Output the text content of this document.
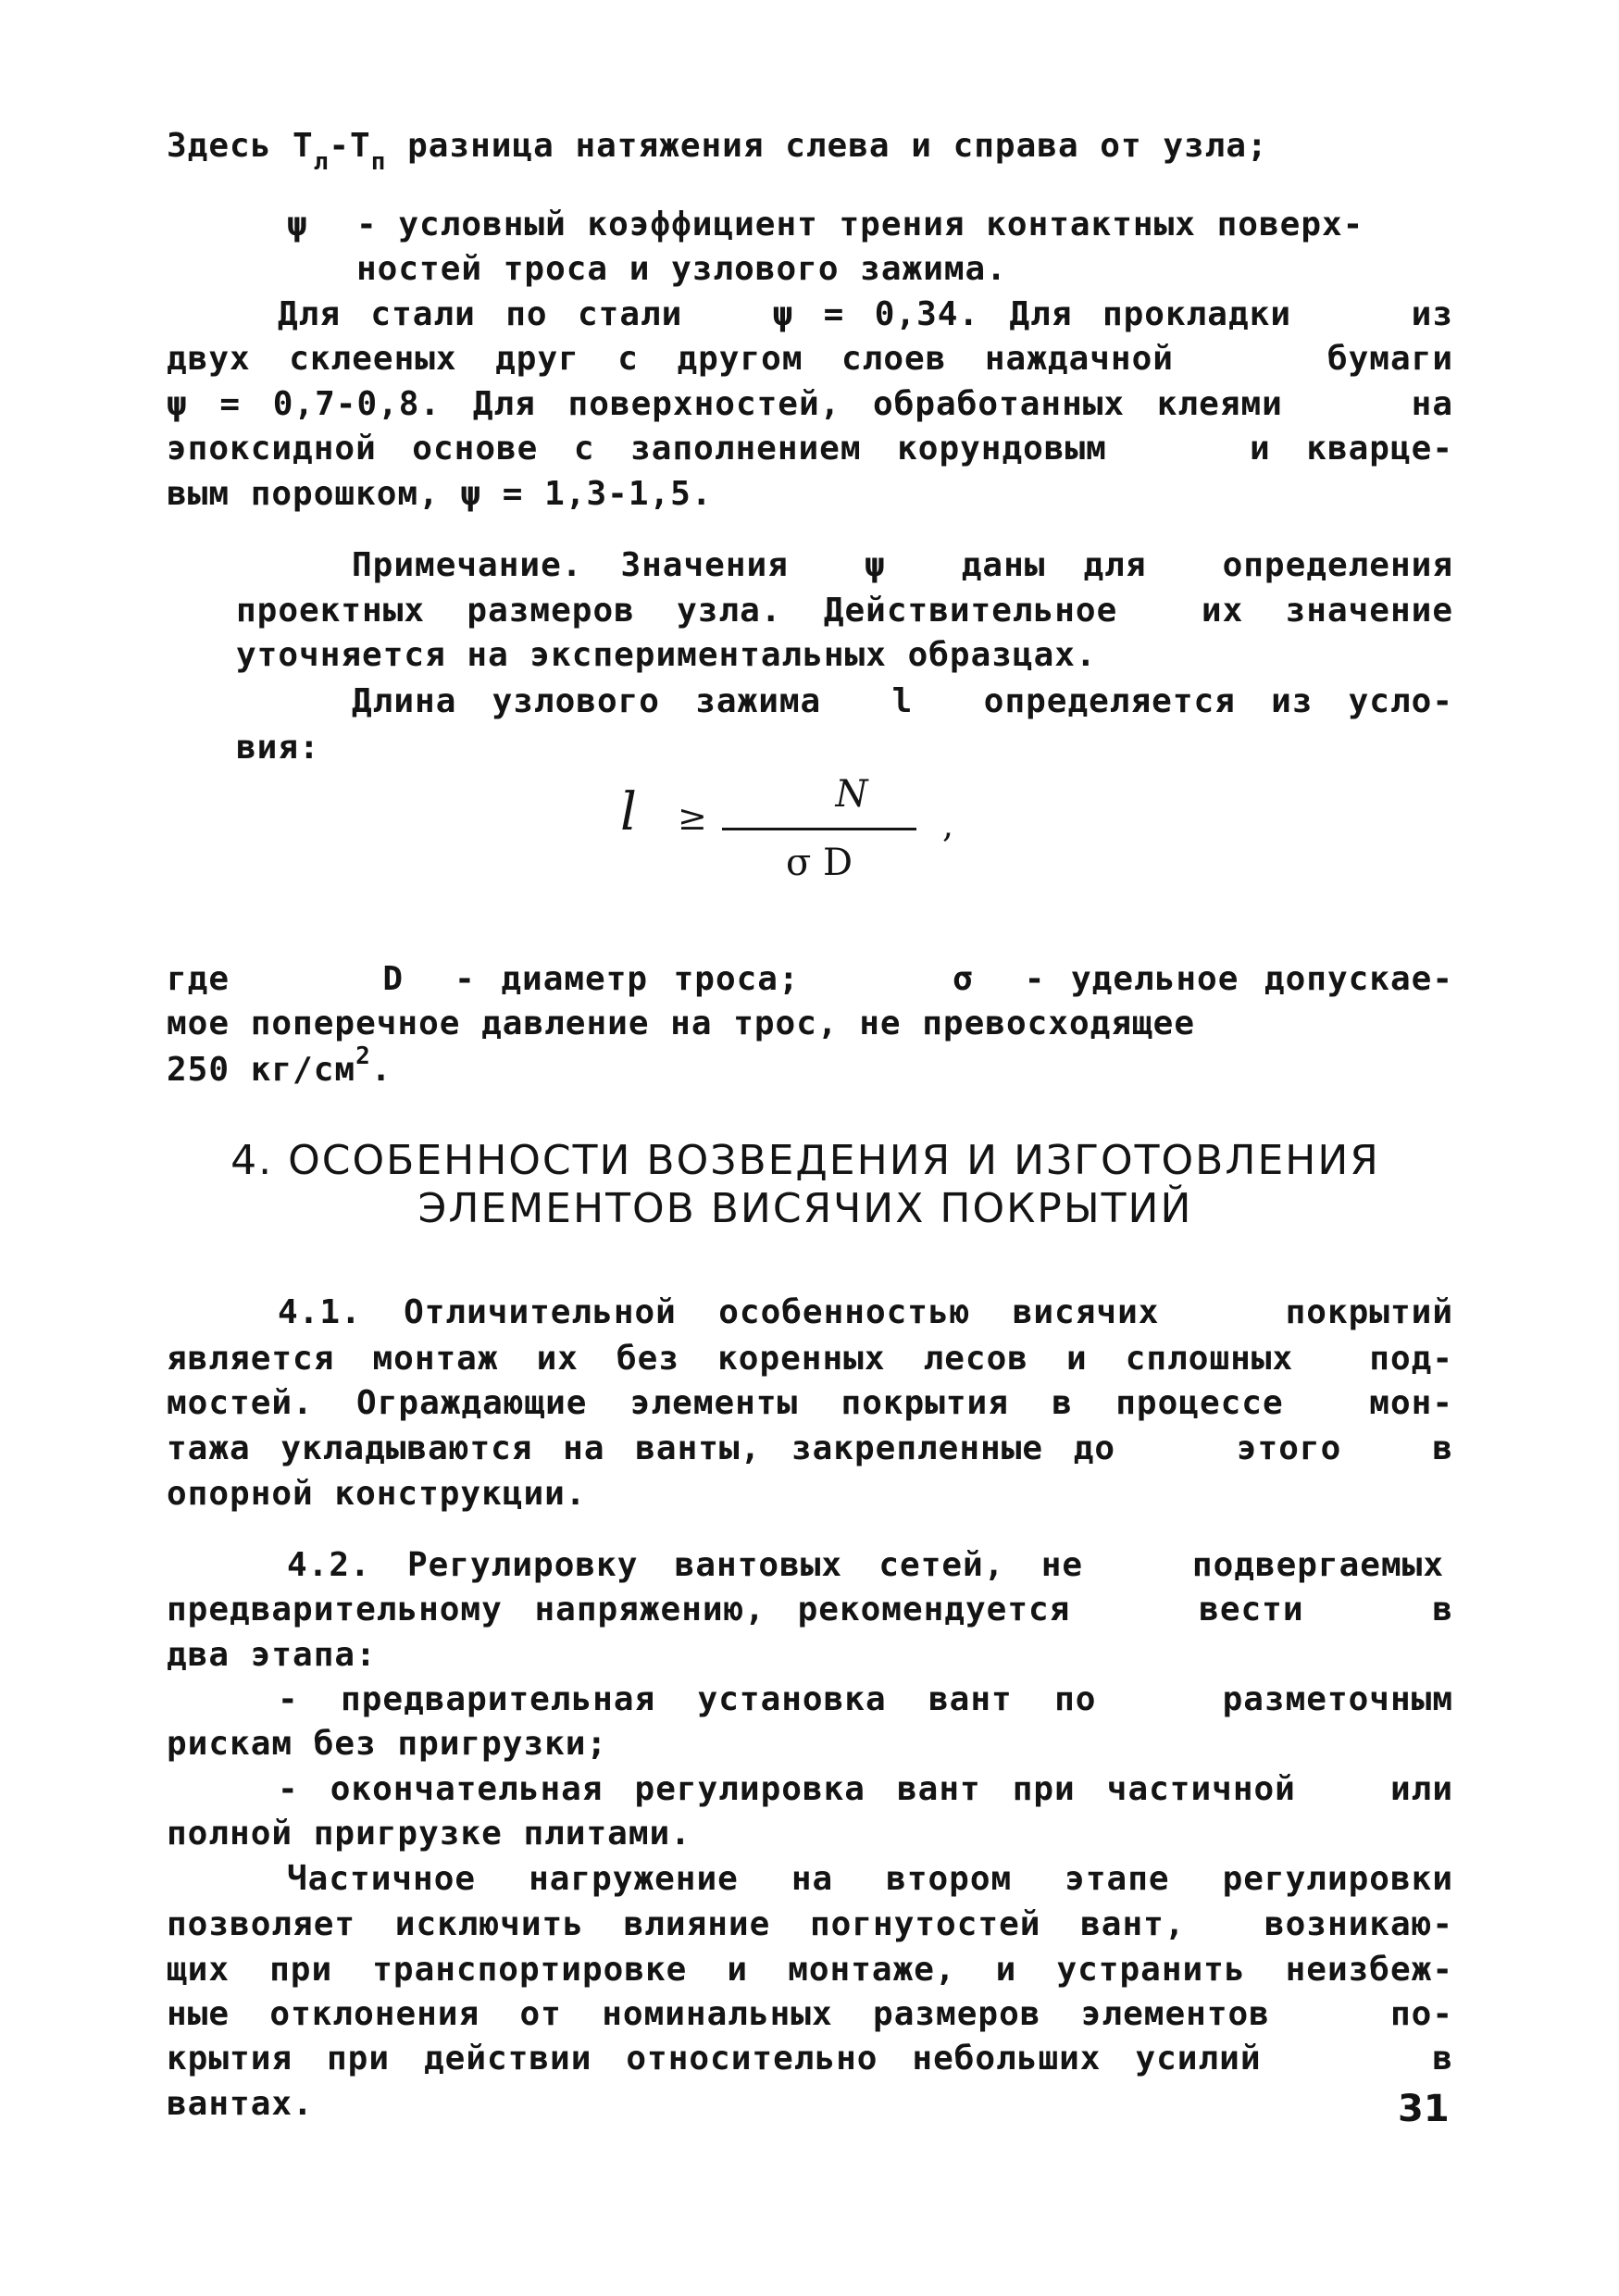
Здесь $T_л-T_п$ разница натяжения слева и справа от узла;
ψ - условный коэффициент трения контактных поверх-
ностей троса и узлового зажима.
Для стали по стали   ψ = 0,34. Для прокладки    из
двух склееных друг с другом слоев наждачной    бумаги
ψ = 0,7-0,8. Для поверхностей, обработанных клеями    на
эпоксидной основе с заполнением корундовым    и кварце-
вым порошком, ψ = 1,3-1,5.
Примечание. Значения  ψ  даны для  определения
проектных размеров узла. Действительное  их значение
уточняется на экспериментальных образцах.
Длина узлового зажима  l  определяется из усло-
вия:
l ≥
N
σ D
,
где      D  - диаметр троса;      σ  - удельное допускае-
мое поперечное давление на трос, не превосходящее
250 $кг/см^2$.
4. ОСОБЕННОСТИ ВОЗВЕДЕНИЯ И ИЗГОТОВЛЕНИЯ
ЭЛЕМЕНТОВ ВИСЯЧИХ ПОКРЫТИЙ
4.1. Отличительной особенностью висячих   покрытий
является монтаж их без коренных лесов и сплошных  под-
мостей. Ограждающие элементы покрытия в процессе  мон-
тажа укладываются на ванты, закрепленные до    этого   в
опорной конструкции.
4.2. Регулировку вантовых сетей, не   подвергаемых
предварительному напряжению, рекомендуется    вести    в
два этапа:
- предварительная установка вант по   разметочным
рискам без пригрузки;
- окончательная регулировка вант при частичной   или
полной пригрузке плитами.
Частичное нагружение на втором этапе регулировки
позволяет исключить влияние погнутостей вант,  возникаю-
щих при транспортировке и монтаже, и устранить неизбеж-
ные отклонения от номинальных размеров элементов   по-
крытия при действии относительно небольших усилий     в
вантах.	31
